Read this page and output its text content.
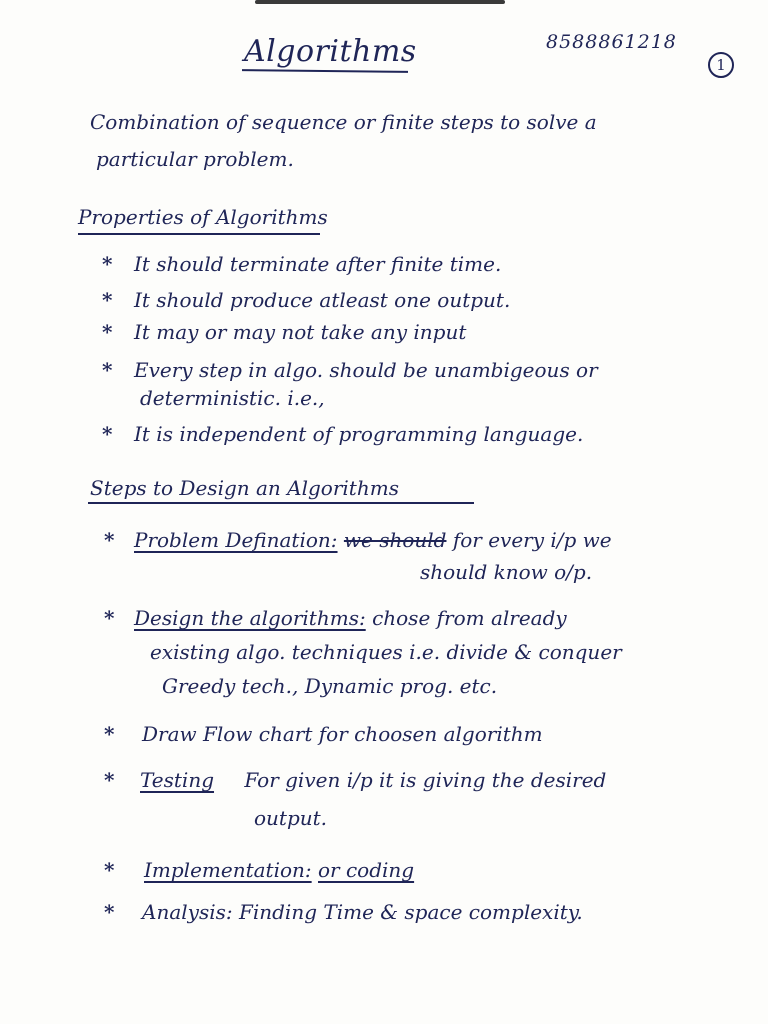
Algorithms	8588861218
1
Combination of sequence or finite steps to solve a
particular problem.
Properties of Algorithms
*	It should terminate after finite time.
*	It should produce atleast one output.
*	It may or may not take any input
*	Every step in algo. should be unambigeous or
deterministic. i.e.,
*	It is independent of programming language.
Steps to Design an Algorithms
* Problem Defination: we should for every i/p we
should know o/p.
* Design the algorithms: chose from already
existing algo. techniques i.e. divide & conquer
Greedy tech., Dynamic prog. etc.
*	Draw Flow chart for choosen algorithm
*	Testing For given i/p it is giving the desired
output.
*	Implementation: or coding
*	Analysis: Finding Time & space complexity.
